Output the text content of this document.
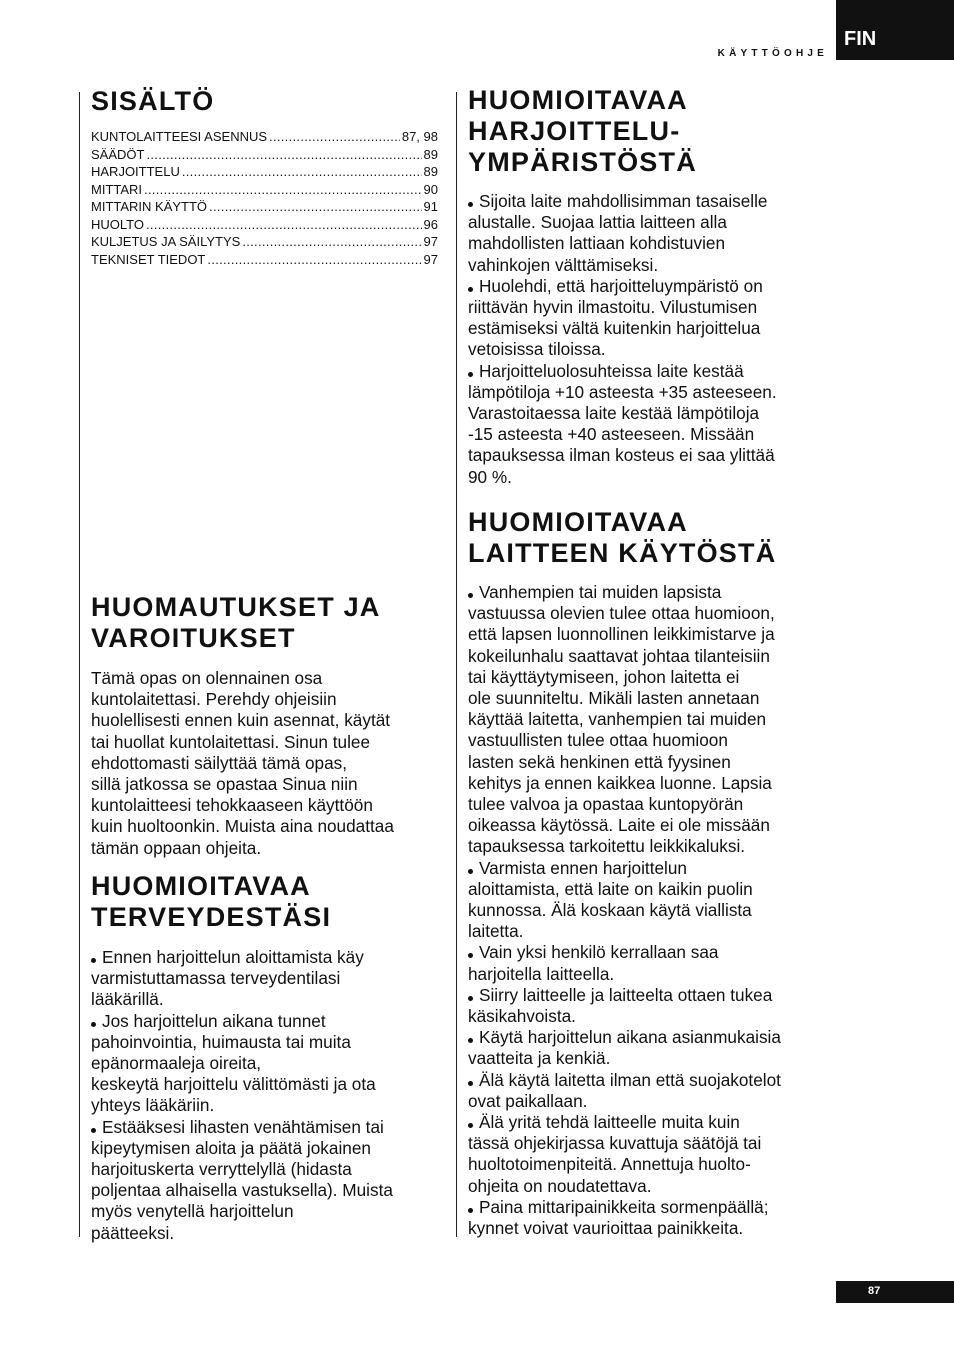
FIN
KÄYTTÖOHJE
SISÄLTÖ
KUNTOLAITTEESI ASENNUS .....	87, 98
SÄÄDÖT .....	89
HARJOITTELU .....	89
MITTARI .....	90
MITTARIN KÄYTTÖ .....	91
HUOLTO .....	96
KULJETUS JA SÄILYTYS .....	97
TEKNISET TIEDOT .....	97
HUOMAUTUKSET JA
VAROITUKSET

Tämä opas on olennainen osa
kuntolaitettasi. Perehdy ohjeisiin
huolellisesti ennen kuin asennat, käytät
tai huollat kuntolaitettasi. Sinun tulee
ehdottomasti säilyttää tämä opas,
sillä jatkossa se opastaa Sinua niin
kuntolaitteesi tehokkaaseen käyttöön
kuin huoltoonkin. Muista aina noudattaa
tämän oppaan ohjeita.

HUOMIOITAVAA
TERVEYDESTÄSI
Ennen harjoittelun aloittamista käy
varmistuttamassa terveydentilasi
lääkärillä.
Jos harjoittelun aikana tunnet
pahoinvointia, huimausta tai muita
epänormaaleja oireita,
keskeytä harjoittelu välittömästi ja ota
yhteys lääkäriin.
Estääksesi lihasten venähtämisen tai
kipeytymisen aloita ja päätä jokainen
harjoituskerta verryttelyllä (hidasta
poljentaa alhaisella vastuksella). Muista
myös venytellä harjoittelun
päätteeksi.
HUOMIOITAVAA
HARJOITTELU-
YMPÄRISTÖSTÄ
Sijoita laite mahdollisimman tasaiselle
alustalle. Suojaa lattia laitteen alla
mahdollisten lattiaan kohdistuvien
vahinkojen välttämiseksi.
Huolehdi, että harjoitteluympäristö on
riittävän hyvin ilmastoitu. Vilustumisen
estämiseksi vältä kuitenkin harjoittelua
vetoisissa tiloissa.
Harjoitteluolosuhteissa laite kestää
lämpötiloja +10 asteesta +35 asteeseen.
Varastoitaessa laite kestää lämpötiloja
-15 asteesta +40 asteeseen. Missään
tapauksessa ilman kosteus ei saa ylittää
90 %.
HUOMIOITAVAA
LAITTEEN KÄYTÖSTÄ
Vanhempien tai muiden lapsista
vastuussa olevien tulee ottaa huomioon,
että lapsen luonnollinen leikkimistarve ja
kokeilunhalu saattavat johtaa tilanteisiin
tai käyttäytymiseen, johon laitetta ei
ole suunniteltu. Mikäli lasten annetaan
käyttää laitetta, vanhempien tai muiden
vastuullisten tulee ottaa huomioon
lasten sekä henkinen että fyysinen
kehitys ja ennen kaikkea luonne. Lapsia
tulee valvoa ja opastaa kuntopyörän
oikeassa käytössä. Laite ei ole missään
tapauksessa tarkoitettu leikkikaluksi.
Varmista ennen harjoittelun
aloittamista, että laite on kaikin puolin
kunnossa. Älä koskaan käytä viallista
laitetta.
Vain yksi henkilö kerrallaan saa
harjoitella laitteella.
Siirry laitteelle ja laitteelta ottaen tukea
käsikahvoista.
Käytä harjoittelun aikana asianmukaisia
vaatteita ja kenkiä.
Älä käytä laitetta ilman että suojakotelot
ovat paikallaan.
Älä yritä tehdä laitteelle muita kuin
tässä ohjekirjassa kuvattuja säätöjä tai
huoltotoimenpiteitä. Annettuja huolto-
ohjeita on noudatettava.
Paina mittaripainikkeita sormenpäällä;
kynnet voivat vaurioittaa painikkeita.
87
